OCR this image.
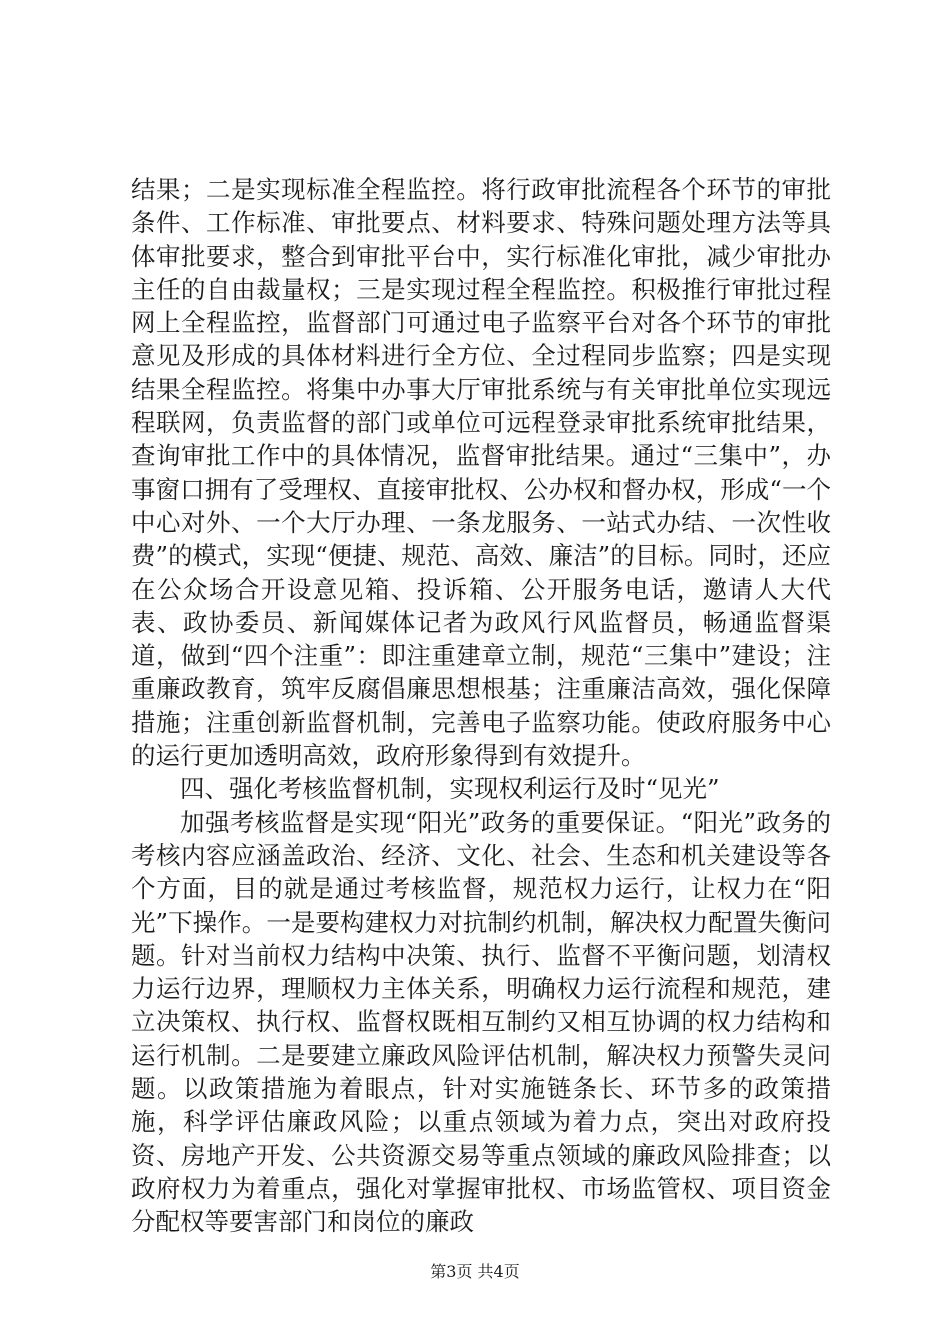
结果；二是实现标准全程监控。将行政审批流程各个环节的审批条件、工作标准、审批要点、材料要求、特殊问题处理方法等具体审批要求，整合到审批平台中，实行标准化审批，减少审批办主任的自由裁量权；三是实现过程全程监控。积极推行审批过程网上全程监控，监督部门可通过电子监察平台对各个环节的审批意见及形成的具体材料进行全方位、全过程同步监察；四是实现结果全程监控。将集中办事大厅审批系统与有关审批单位实现远程联网，负责监督的部门或单位可远程登录审批系统审批结果，查询审批工作中的具体情况，监督审批结果。通过“三集中”，办事窗口拥有了受理权、直接审批权、公办权和督办权，形成“一个中心对外、一个大厅办理、一条龙服务、一站式办结、一次性收费”的模式，实现“便捷、规范、高效、廉洁”的目标。同时，还应在公众场合开设意见箱、投诉箱、公开服务电话，邀请人大代表、政协委员、新闻媒体记者为政风行风监督员，畅通监督渠道，做到“四个注重”：即注重建章立制，规范“三集中”建设；注重廉政教育，筑牢反腐倡廉思想根基；注重廉洁高效，强化保障措施；注重创新监督机制，完善电子监察功能。使政府服务中心的运行更加透明高效，政府形象得到有效提升。

四、强化考核监督机制，实现权利运行及时“见光”

加强考核监督是实现“阳光”政务的重要保证。“阳光”政务的考核内容应涵盖政治、经济、文化、社会、生态和机关建设等各个方面，目的就是通过考核监督，规范权力运行，让权力在“阳光”下操作。一是要构建权力对抗制约机制，解决权力配置失衡问题。针对当前权力结构中决策、执行、监督不平衡问题，划清权力运行边界，理顺权力主体关系，明确权力运行流程和规范，建立决策权、执行权、监督权既相互制约又相互协调的权力结构和运行机制。二是要建立廉政风险评估机制，解决权力预警失灵问题。以政策措施为着眼点，针对实施链条长、环节多的政策措施，科学评估廉政风险；以重点领域为着力点，突出对政府投资、房地产开发、公共资源交易等重点领域的廉政风险排查；以政府权力为着重点，强化对掌握审批权、市场监管权、项目资金分配权等要害部门和岗位的廉政

第3页 共4页
